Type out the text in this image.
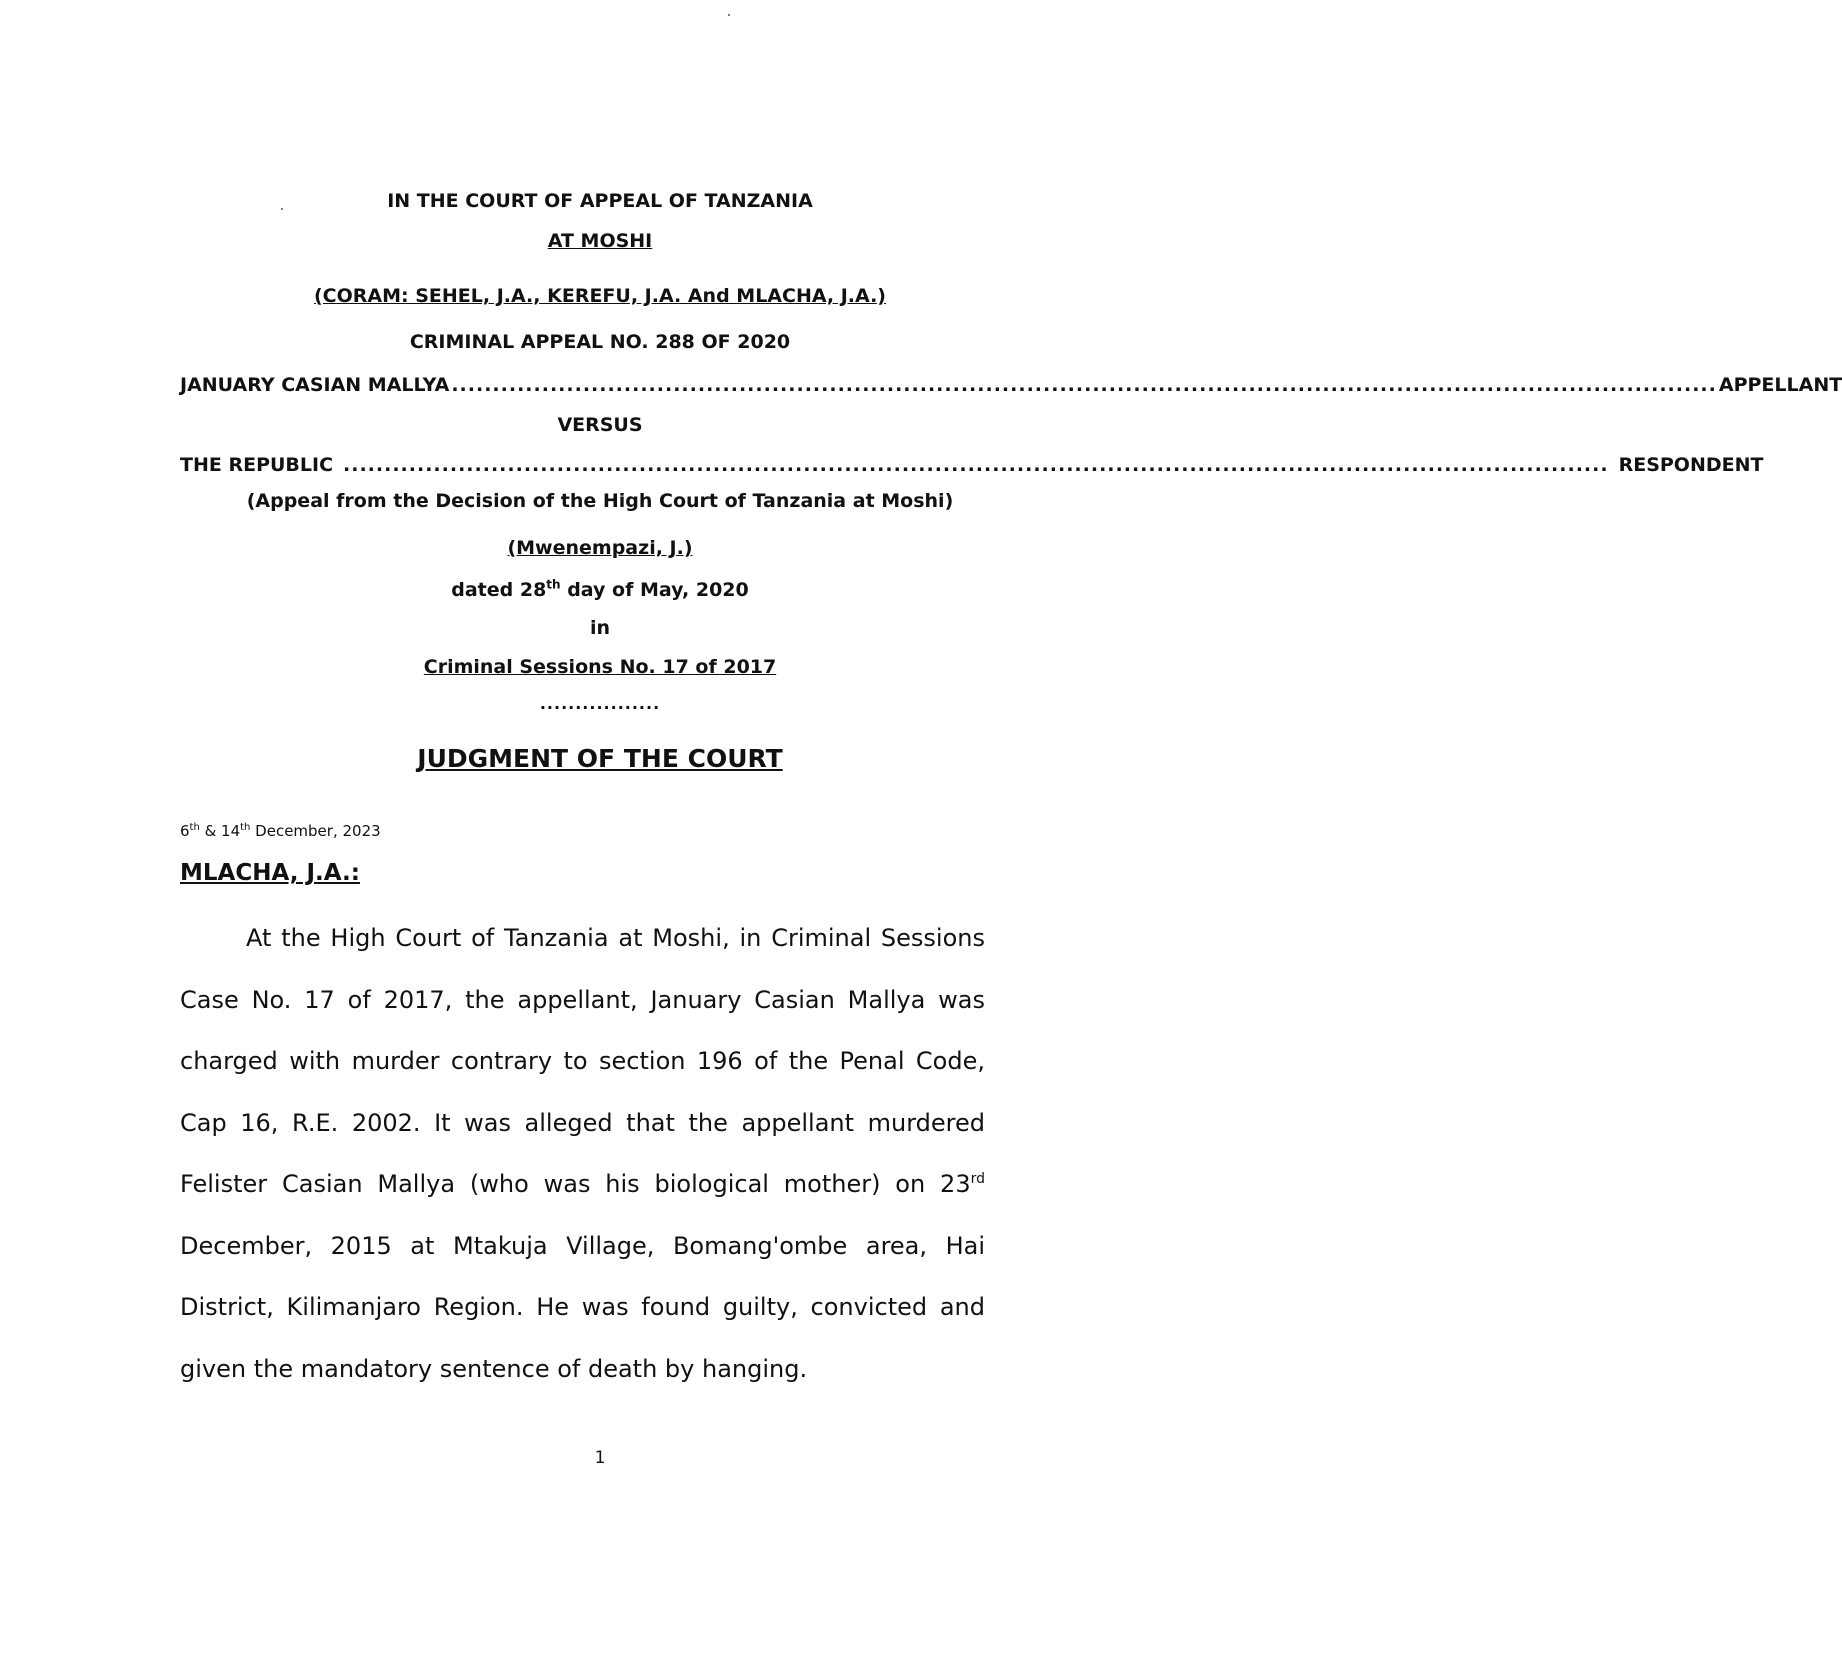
IN THE COURT OF APPEAL OF TANZANIA
AT MOSHI
(CORAM: SEHEL, J.A., KEREFU, J.A. And MLACHA, J.A.)
CRIMINAL APPEAL NO. 288 OF 2020
JANUARY CASIAN MALLYA .......................................................................................................................................................... APPELLANT
VERSUS
THE REPUBLIC .......................................................................................................................................................... RESPONDENT
(Appeal from the Decision of the High Court of Tanzania at Moshi)
(Mwenempazi, J.)
dated 28th day of May, 2020
in
Criminal Sessions No. 17 of 2017
.................
JUDGMENT OF THE COURT
6th & 14th December, 2023
MLACHA, J.A.:

At the High Court of Tanzania at Moshi, in Criminal Sessions Case No. 17 of 2017, the appellant, January Casian Mallya was charged with murder contrary to section 196 of the Penal Code, Cap 16, R.E. 2002. It was alleged that the appellant murdered Felister Casian Mallya (who was his biological mother) on 23rd December, 2015 at Mtakuja Village, Bomang'ombe area, Hai District, Kilimanjaro Region. He was found guilty, convicted and given the mandatory sentence of death by hanging.

1
